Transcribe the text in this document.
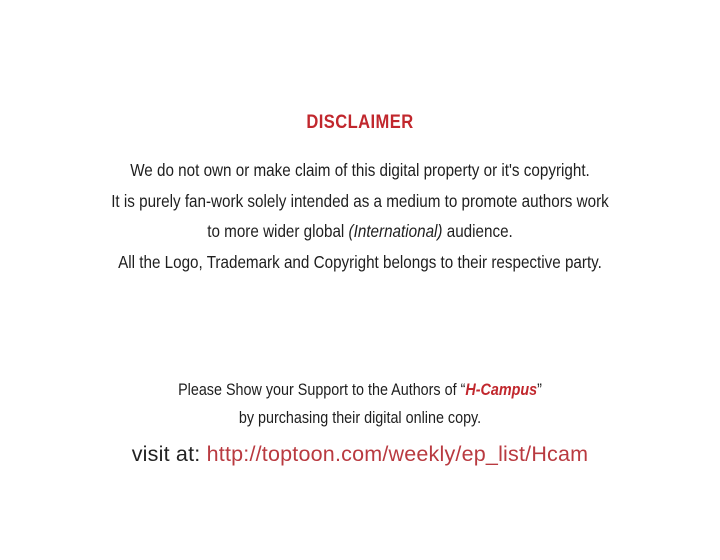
DISCLAIMER
We do not own or make claim of this digital property or it's copyright.
It is purely fan-work solely intended as a medium to promote authors work
to more wider global (International) audience.
All the Logo, Trademark and Copyright belongs to their respective party.
Please Show your Support to the Authors of “H-Campus”
by purchasing their digital online copy.
visit at: http://toptoon.com/weekly/ep_list/Hcam
